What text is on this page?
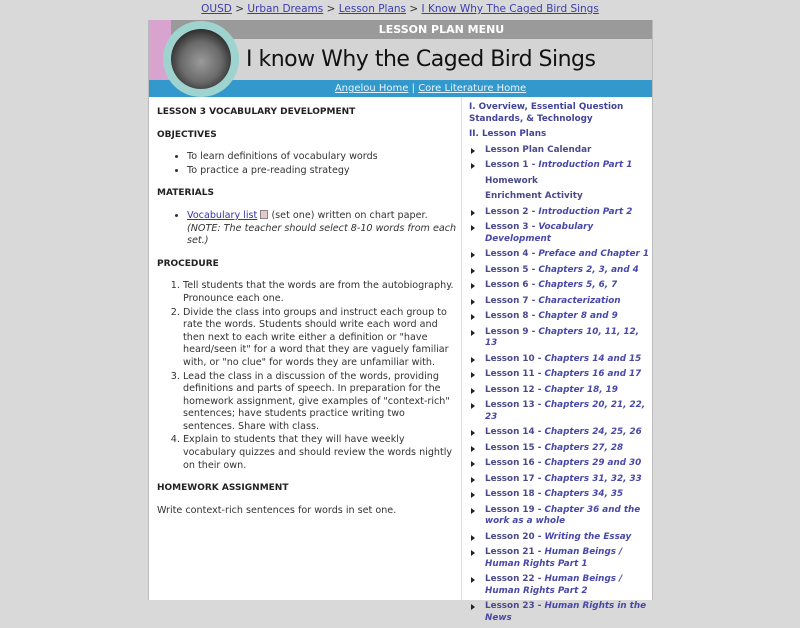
OUSD > Urban Dreams > Lesson Plans > I Know Why The Caged Bird Sings
LESSON PLAN MENU
I know Why the Caged Bird Sings
Angelou Home | Core Literature Home
LESSON 3 VOCABULARY DEVELOPMENT
OBJECTIVES
• To learn definitions of vocabulary words
• To practice a pre-reading strategy
MATERIALS
• Vocabulary list  (set one) written on chart paper.
(NOTE: The teacher should select 8-10 words from each set.)
PROCEDURE
1. Tell students that the words are from the autobiography. Pronounce each one.
2. Divide the class into groups and instruct each group to rate the words. Students should write each word and then next to each write either a definition or "have heard/seen it" for a word that they are vaguely familiar with, or "no clue" for words they are unfamiliar with.
3. Lead the class in a discussion of the words, providing definitions and parts of speech. In preparation for the homework assignment, give examples of "context-rich" sentences; have students practice writing two sentences. Share with class.
4. Explain to students that they will have weekly vocabulary quizzes and should review the words nightly on their own.
HOMEWORK ASSIGNMENT

Write context-rich sentences for words in set one.

I. Overview, Essential Question Standards, & Technology
II. Lesson Plans
Lesson Plan Calendar
Lesson 1 - Introduction Part 1
Homework
Enrichment Activity
Lesson 2 - Introduction Part 2
Lesson 3 - Vocabulary Development
Lesson 4 - Preface and Chapter 1
Lesson 5 - Chapters 2, 3, and 4
Lesson 6 - Chapters 5, 6, 7
Lesson 7 - Characterization
Lesson 8 - Chapter 8 and 9
Lesson 9 - Chapters 10, 11, 12, 13
Lesson 10 - Chapters 14 and 15
Lesson 11 - Chapters 16 and 17
Lesson 12 - Chapter 18, 19
Lesson 13 - Chapters 20, 21, 22, 23
Lesson 14 - Chapters 24, 25, 26
Lesson 15 - Chapters 27, 28
Lesson 16 - Chapters 29 and 30
Lesson 17 - Chapters 31, 32, 33
Lesson 18 - Chapters 34, 35
Lesson 19 - Chapter 36 and the work as a whole
Lesson 20 - Writing the Essay
Lesson 21 - Human Beings / Human Rights Part 1
Lesson 22 - Human Beings / Human Rights Part 2
Lesson 23 - Human Rights in the News
